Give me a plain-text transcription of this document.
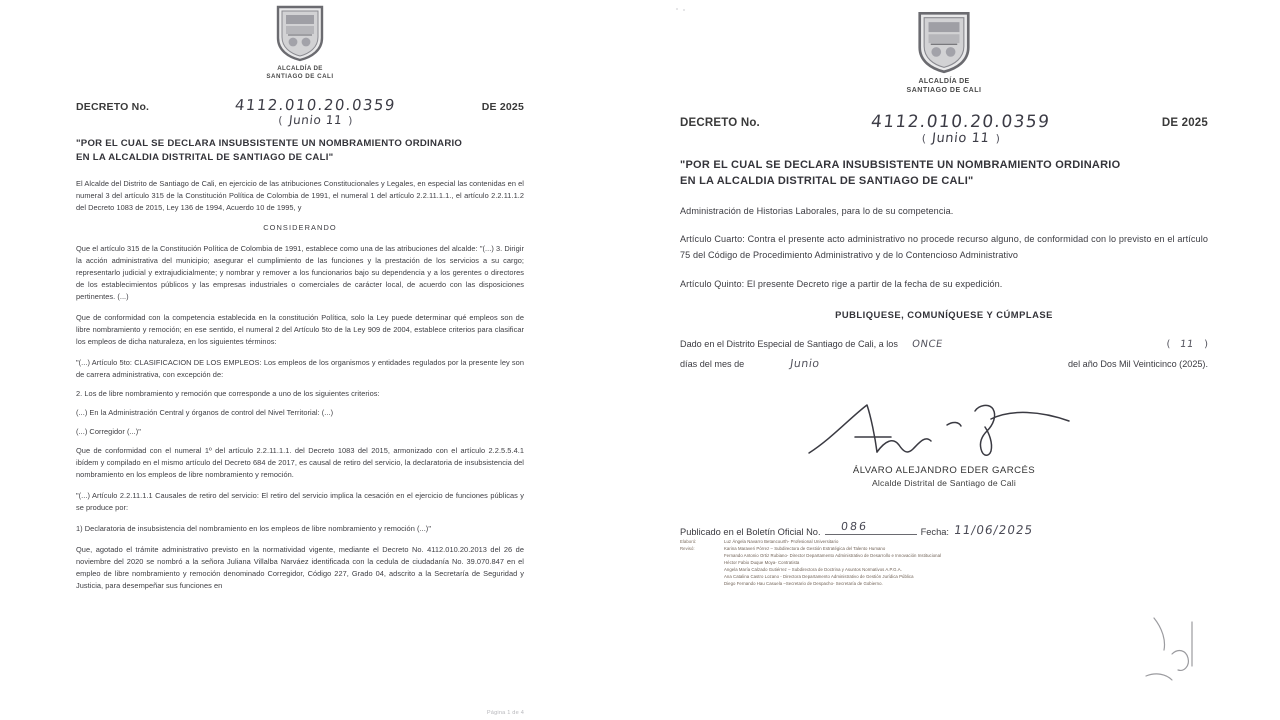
ALCALDÍA DE
SANTIAGO DE CALI
DECRETO No.	4112.010.20.0359
( Junio 11 )
DE 2025
"POR EL CUAL SE DECLARA INSUBSISTENTE UN NOMBRAMIENTO ORDINARIO
EN LA ALCALDIA DISTRITAL DE SANTIAGO DE CALI"

El Alcalde del Distrito de Santiago de Cali, en ejercicio de las atribuciones Constitucionales y Legales, en especial las contenidas en el numeral 3 del artículo 315 de la Constitución Política de Colombia de 1991, el numeral 1 del artículo 2.2.11.1.1., el artículo 2.2.11.1.2 del Decreto 1083 de 2015, Ley 136 de 1994, Acuerdo 10 de 1995, y

CONSIDERANDO

Que el artículo 315 de la Constitución Política de Colombia de 1991, establece como una de las atribuciones del alcalde: "(...) 3. Dirigir la acción administrativa del municipio; asegurar el cumplimiento de las funciones y la prestación de los servicios a su cargo; representarlo judicial y extrajudicialmente; y nombrar y remover a los funcionarios bajo su dependencia y a los gerentes o directores de los establecimientos públicos y las empresas industriales o comerciales de carácter local, de acuerdo con las disposiciones pertinentes. (...)

Que de conformidad con la competencia establecida en la constitución Política, solo la Ley puede determinar qué empleos son de libre nombramiento y remoción; en ese sentido, el numeral 2 del Artículo 5to de la Ley 909 de 2004, establece criterios para clasificar los empleos de dicha naturaleza, en los siguientes términos:

"(...) Artículo 5to: CLASIFICACION DE LOS EMPLEOS: Los empleos de los organismos y entidades regulados por la presente ley son de carrera administrativa, con excepción de:

2. Los de libre nombramiento y remoción que corresponde a uno de los siguientes criterios:

(...) En la Administración Central y órganos de control del Nivel Territorial: (...)

(...) Corregidor (...)"

Que de conformidad con el numeral 1º del artículo 2.2.11.1.1. del Decreto 1083 del 2015, armonizado con el artículo 2.2.5.5.4.1 ibídem y compilado en el mismo artículo del Decreto 684 de 2017, es causal de retiro del servicio, la declaratoria de insubsistencia del nombramiento en los empleos de libre nombramiento y remoción.

"(...) Artículo 2.2.11.1.1 Causales de retiro del servicio: El retiro del servicio implica la cesación en el ejercicio de funciones públicas y se produce por:

1) Declaratoria de insubsistencia del nombramiento en los empleos de libre nombramiento y remoción (...)"

Que, agotado el trámite administrativo previsto en la normatividad vigente, mediante el Decreto No. 4112.010.20.2013 del 26 de noviembre del 2020 se nombró a la señora Juliana Villalba Narváez identificada con la cedula de ciudadanía No. 39.070.847 en el empleo de libre nombramiento y remoción denominado Corregidor, Código 227, Grado 04, adscrito a la Secretaría de Seguridad y Justicia, para desempeñar sus funciones en

Página 1 de 4
ALCALDÍA DE
SANTIAGO DE CALI
DECRETO No.	4112.010.20.0359
( Junio 11 )
DE 2025
"POR EL CUAL SE DECLARA INSUBSISTENTE UN NOMBRAMIENTO ORDINARIO
EN LA ALCALDIA DISTRITAL DE SANTIAGO DE CALI"

Administración de Historias Laborales, para lo de su competencia.

Artículo Cuarto: Contra el presente acto administrativo no procede recurso alguno, de conformidad con lo previsto en el artículo 75 del Código de Procedimiento Administrativo y de lo Contencioso Administrativo

Artículo Quinto: El presente Decreto rige a partir de la fecha de su expedición.

PUBLIQUESE, COMUNÍQUESE Y CÚMPLASE
Dado en el Distrito Especial de Santiago de Cali, a los ONCE	( 11 )
días del mes de	Junio	del año Dos Mil Veinticinco (2025).
ÁLVARO ALEJANDRO EDER GARCÉS
Alcalde Distrital de Santiago de Cali
Publicado en el Boletín Oficial No. 086	Fecha: 11/06/2025
Elaboró:	Luz Ángela Navarro Betancourth- Profesional Universitario
Revisó:	Karina Maraveri Pórrez – Subdirectora de Gestión Estratégica del Talento Humano
Fernando Antonio Ortiz Rubiano- Director Departamento Administrativo de Desarrollo e Innovación Institucional
Héctor Fabio Duque Moya- Contratista
Angela María Calzado Gutiérrez – Subdirectora de Doctrina y Asuntos Normativos A.P.G.A.
Ana Catalina Castro Lozano - Directora Departamento Administrativo de Gestión Jurídica Pública
Diego Fernando Hau Casuela –Secretario de Despacho- Secretaría de Gobierno.
